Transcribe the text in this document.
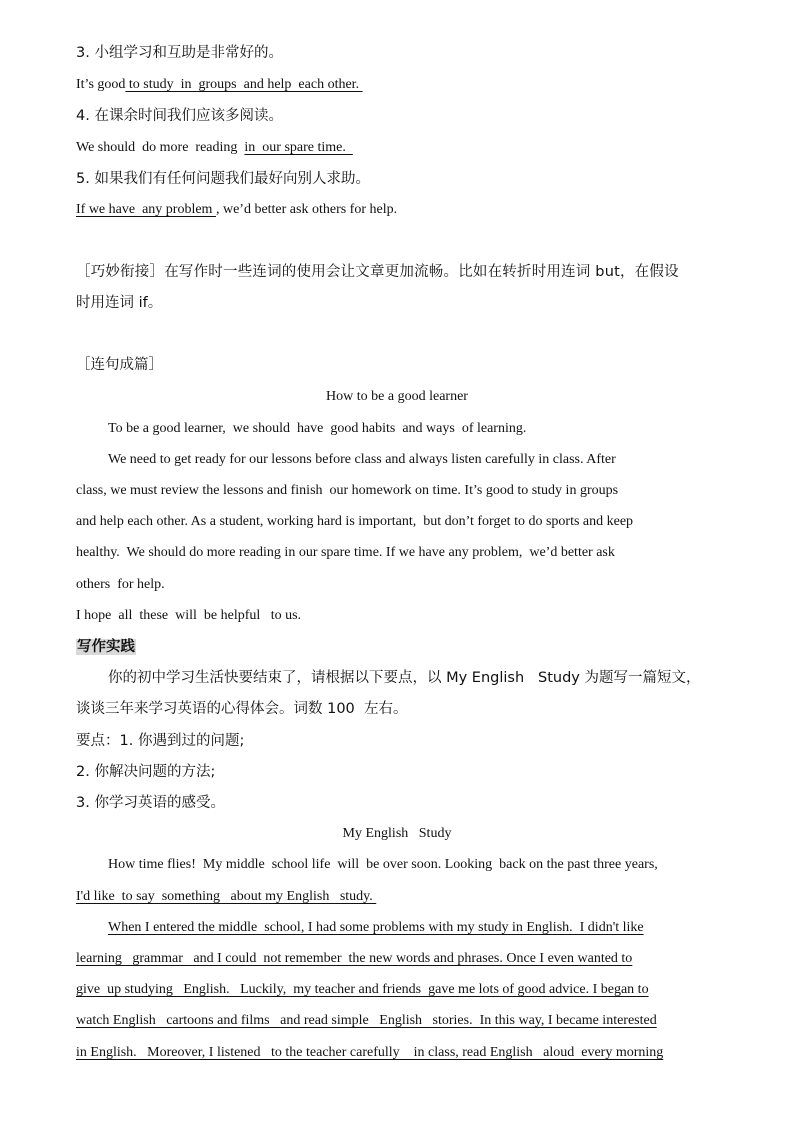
3. 小组学习和互助是非常好的。
It’s good to study  in  groups  and help  each other.
4. 在课余时间我们应该多阅读。
We should  do more  reading  in  our spare time.
5. 如果我们有任何问题我们最好向别人求助。
If we have  any problem , we’d better ask others for help.
［巧妙衔接］在写作时一些连词的使用会让文章更加流畅。比如在转折时用连词 but，在假设
时用连词 if。
［连句成篇］
How to be a good learner
To be a good learner,  we should  have  good habits  and ways  of learning.
We need to get ready for our lessons before class and always listen carefully in class. After
class, we must review the lessons and finish  our homework on time. It’s good to study in groups
and help each other. As a student, working hard is important,  but don’t forget to do sports and keep
healthy.  We should do more reading in our spare time. If we have any problem,  we’d better ask
others  for help.
I hope  all  these  will  be helpful   to us.
写作实践
你的初中学习生活快要结束了，请根据以下要点，以 My English   Study 为题写一篇短文，
谈谈三年来学习英语的心得体会。词数 100  左右。
要点：1. 你遇到过的问题;
2. 你解决问题的方法;
3. 你学习英语的感受。
My English   Study
How time flies!  My middle  school life  will  be over soon. Looking  back on the past three years,
I'd like  to say  something   about my English   study.
When I entered the middle  school, I had some problems with my study in English.  I didn't like
learning   grammar   and I could  not remember  the new words and phrases. Once I even wanted to
give  up studying   English.   Luckily,  my teacher and friends  gave me lots of good advice. I began to
watch English   cartoons and films   and read simple   English   stories.  In this way, I became interested
in English.   Moreover, I listened   to the teacher carefully    in class, read English   aloud  every morning
